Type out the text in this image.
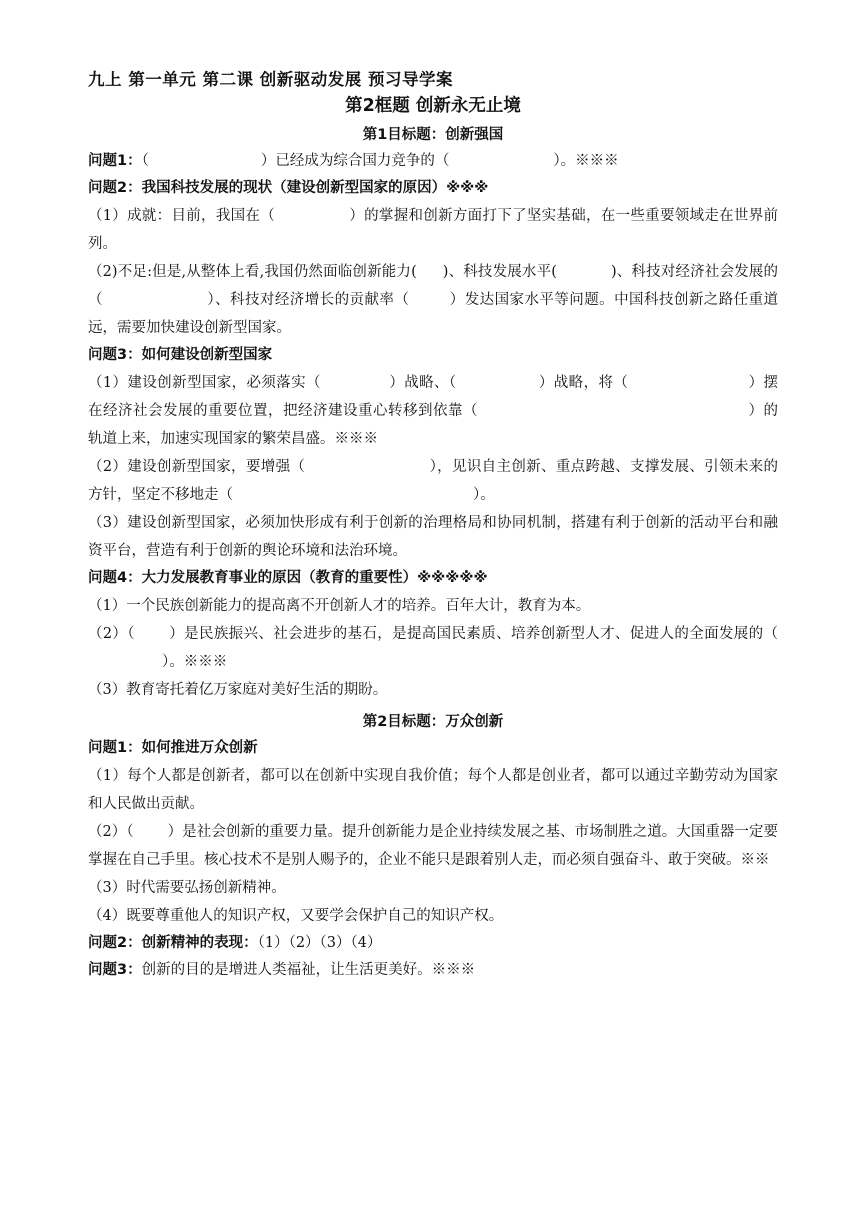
九上 第一单元 第二课 创新驱动发展 预习导学案

第2框题 创新永无止境

第1目标题：创新强国

问题1：（	）已经成为综合国力竞争的（	）。※※※

问题2：我国科技发展的现状（建设创新型国家的原因）※※※

（1）成就：目前，我国在（	）的掌握和创新方面打下了坚实基础，在一些重要领域走在世界前列。

（2)不足:但是,从整体上看,我国仍然面临创新能力( )、科技发展水平(	)、科技对经济社会发展的（	）、科技对经济增长的贡献率（	）发达国家水平等问题。中国科技创新之路任重道远，需要加快建设创新型国家。

问题3：如何建设创新型国家

（1）建设创新型国家，必须落实（	）战略、（	）战略，将（	）摆在经济社会发展的重要位置，把经济建设重心转移到依靠（	）的轨道上来，加速实现国家的繁荣昌盛。※※※

（2）建设创新型国家，要增强（	），见识自主创新、重点跨越、支撑发展、引领未来的方针，坚定不移地走（	）。

（3）建设创新型国家，必须加快形成有利于创新的治理格局和协同机制，搭建有利于创新的活动平台和融资平台，营造有利于创新的舆论环境和法治环境。

问题4：大力发展教育事业的原因（教育的重要性）※※※※※

（1）一个民族创新能力的提高离不开创新人才的培养。百年大计，教育为本。

（2）（ ）是民族振兴、社会进步的基石，是提高国民素质、培养创新型人才、促进人的全面发展的（）。※※※

（3）教育寄托着亿万家庭对美好生活的期盼。

第2目标题：万众创新

问题1：如何推进万众创新

（1）每个人都是创新者，都可以在创新中实现自我价值；每个人都是创业者，都可以通过辛勤劳动为国家和人民做出贡献。

（2）（ ）是社会创新的重要力量。提升创新能力是企业持续发展之基、市场制胜之道。大国重器一定要掌握在自己手里。核心技术不是别人赐予的，企业不能只是跟着别人走，而必须自强奋斗、敢于突破。※※

（3）时代需要弘扬创新精神。

（4）既要尊重他人的知识产权，又要学会保护自己的知识产权。

问题2：创新精神的表现：（1）（2）（3）（4）

问题3：创新的目的是增进人类福祉，让生活更美好。※※※
